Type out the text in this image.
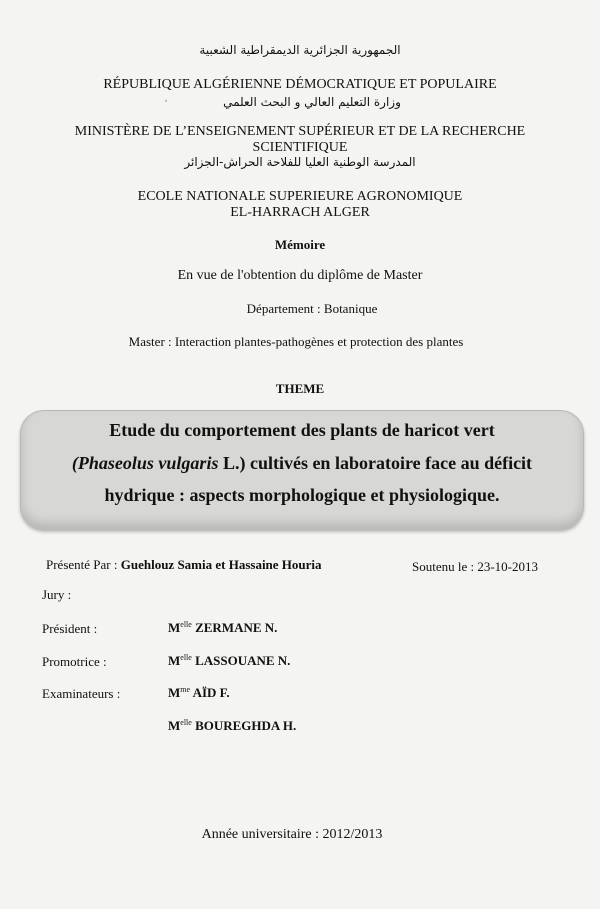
الجمهورية الجزائرية الديمقراطية الشعبية
RÉPUBLIQUE ALGÉRIENNE DÉMOCRATIQUE ET POPULAIRE
وزارة التعليم العالي و البحث العلمي
ʾ
MINISTÈRE DE L’ENSEIGNEMENT SUPÉRIEUR ET DE LA RECHERCHE
SCIENTIFIQUE
المدرسة الوطنية العليا للفلاحة الحراش-الجزائر
ECOLE NATIONALE SUPERIEURE AGRONOMIQUE
EL-HARRACH ALGER
Mémoire
En vue de l'obtention du diplôme de Master
Département : Botanique
Master : Interaction plantes-pathogènes et protection des plantes
THEME
Etude du comportement des plants de haricot vert
(Phaseolus vulgaris L.) cultivés en laboratoire face au déficit
hydrique : aspects morphologique et physiologique.
Présenté Par : Guehlouz Samia et Hassaine Houria	Soutenu le : 23-10-2013
Jury :
Président :	$M^{elle}$ ZERMANE N.
Promotrice :	$M^{elle}$ LASSOUANE N.
Examinateurs :	$M^{me}$ AÏD F.
$M^{elle}$ BOUREGHDA H.
Année universitaire : 2012/2013
